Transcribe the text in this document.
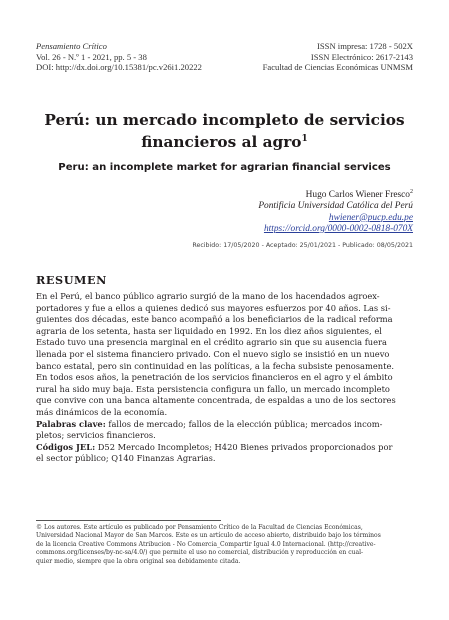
Pensamiento Crítico
Vol. 26 - N.º 1 - 2021, pp. 5 - 38
DOI: http://dx.doi.org/10.15381/pc.v26i1.20222
ISSN impresa: 1728 - 502X
ISSN Electrónico: 2617-2143
Facultad de Ciencias Económicas UNMSM
Perú: un mercado incompleto de servicios
financieros al agro$^1$
Peru: an incomplete market for agrarian financial services
Hugo Carlos Wiener Fresco$^2$
Pontificia Universidad Católica del Perú
hwiener@pucp.edu.pe
https://orcid.org/0000-0002-0818-070X
Recibido: 17/05/2020 - Aceptado: 25/01/2021 - Publicado: 08/05/2021
RESUMEN

En el Perú, el banco público agrario surgió de la mano de los hacendados agroex-
portadores y fue a ellos a quienes dedicó sus mayores esfuerzos por 40 años. Las si-
guientes dos décadas, este banco acompañó a los beneficiarios de la radical reforma
agraria de los setenta, hasta ser liquidado en 1992. En los diez años siguientes, el
Estado tuvo una presencia marginal en el crédito agrario sin que su ausencia fuera
llenada por el sistema financiero privado. Con el nuevo siglo se insistió en un nuevo
banco estatal, pero sin continuidad en las políticas, a la fecha subsiste penosamente.
En todos esos años, la penetración de los servicios financieros en el agro y el ámbito
rural ha sido muy baja. Esta persistencia configura un fallo, un mercado incompleto
que convive con una banca altamente concentrada, de espaldas a uno de los sectores
más dinámicos de la economía.

Palabras clave: fallos de mercado; fallos de la elección pública; mercados incom-
pletos; servicios financieros.

Códigos JEL: D52 Mercado Incompletos; H420 Bienes privados proporcionados por
el sector público; Q140 Finanzas Agrarias.

© Los autores. Este artículo es publicado por Pensamiento Crítico de la Facultad de Ciencias Económicas,
Universidad Nacional Mayor de San Marcos. Este es un artículo de acceso abierto, distribuido bajo los términos
de la licencia Creative Commons Atribucion - No Comercia_Compartir Igual 4.0 Internacional. (http://creative-
commons.org/licenses/by-nc-sa/4.0/) que permite el uso no comercial, distribución y reproducción en cual-
quier medio, siempre que la obra original sea debidamente citada.
